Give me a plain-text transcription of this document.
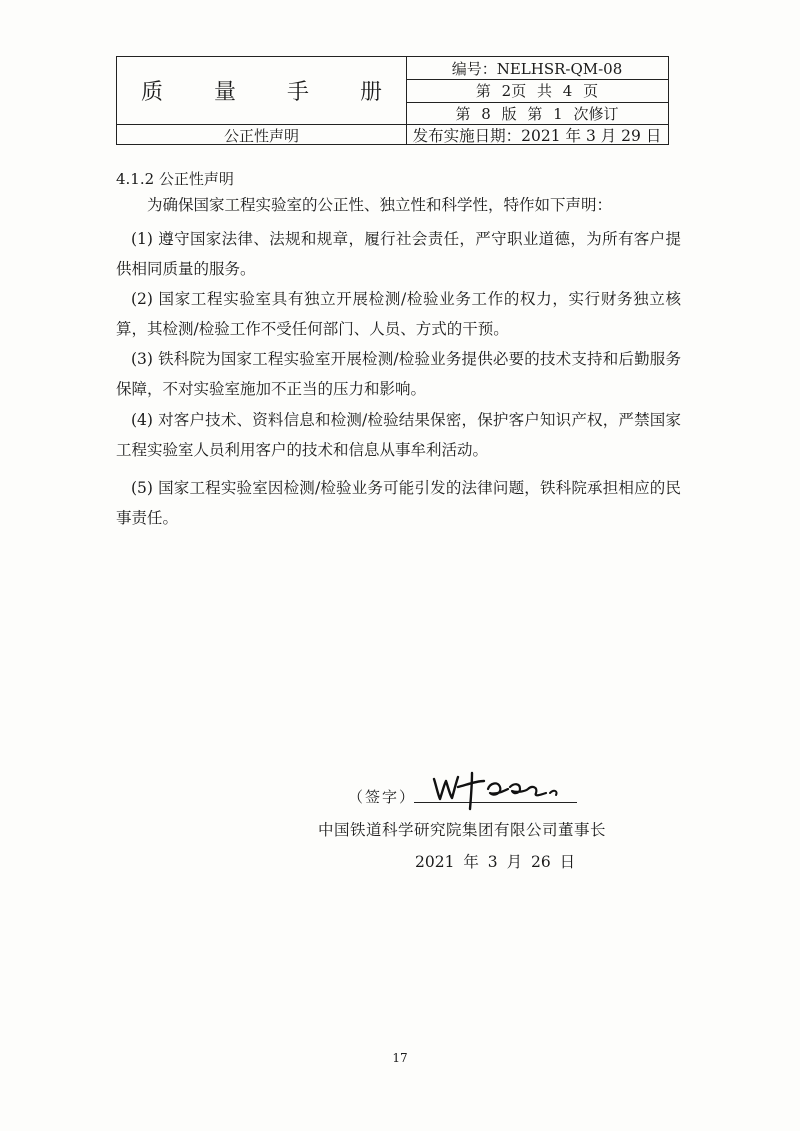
质 量 手 册
编号：NELHSR-QM-08
第 2页 共 4 页
第 8 版 第 1 次修订
公正性声明	发布实施日期：2021 年 3 月 29 日
4.1.2 公正性声明
为确保国家工程实验室的公正性、独立性和科学性，特作如下声明：
(1) 遵守国家法律、法规和规章，履行社会责任，严守职业道德，为所有客户提供相同质量的服务。
(2) 国家工程实验室具有独立开展检测/检验业务工作的权力，实行财务独立核算，其检测/检验工作不受任何部门、人员、方式的干预。
(3) 铁科院为国家工程实验室开展检测/检验业务提供必要的技术支持和后勤服务保障，不对实验室施加不正当的压力和影响。
(4) 对客户技术、资料信息和检测/检验结果保密，保护客户知识产权，严禁国家工程实验室人员利用客户的技术和信息从事牟利活动。
(5) 国家工程实验室因检测/检验业务可能引发的法律问题，铁科院承担相应的民事责任。
（签字）
中国铁道科学研究院集团有限公司董事长
2021 年 3 月 26 日
17
